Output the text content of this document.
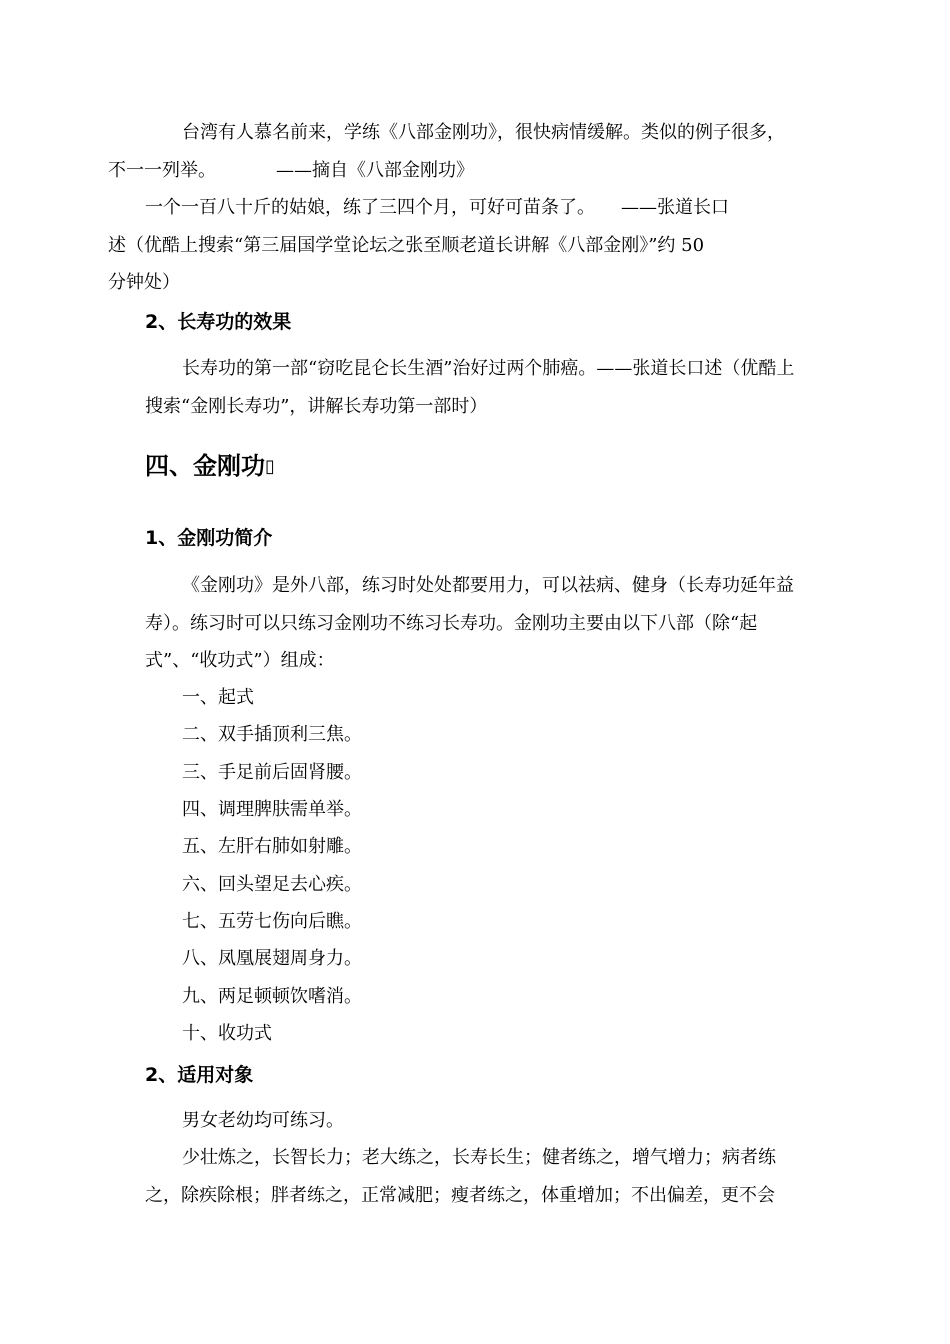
台湾有人慕名前来，学练《八部金刚功》，很快病情缓解。类似的例子很多，
不一一列举。	——摘自《八部金刚功》
一个一百八十斤的姑娘，练了三四个月，可好可苗条了。 ——张道长口
述（优酷上搜索“第三届国学堂论坛之张至顺老道长讲解《八部金刚》”约 50
分钟处）

2、长寿功的效果

长寿功的第一部“窃吃昆仑长生酒”治好过两个肺癌。——张道长口述（优酷上搜索“金刚长寿功”，讲解长寿功第一部时）

四、金刚功▯
1、金刚功简介

《金刚功》是外八部，练习时处处都要用力，可以祛病、健身（长寿功延年益寿）。练习时可以只练习金刚功不练习长寿功。金刚功主要由以下八部（除“起式”、“收功式”）组成：

一、起式

二、双手插顶利三焦。

三、手足前后固肾腰。

四、调理脾肤需单举。

五、左肝右肺如射雕。

六、回头望足去心疾。

七、五劳七伤向后瞧。

八、凤凰展翅周身力。

九、两足顿顿饮嗜消。

十、收功式

2、适用对象

男女老幼均可练习。

少壮炼之，长智长力；老大练之，长寿长生；健者练之，增气增力；病者练之，除疾除根；胖者练之，正常减肥；瘦者练之，体重增加；不出偏差，更不会
